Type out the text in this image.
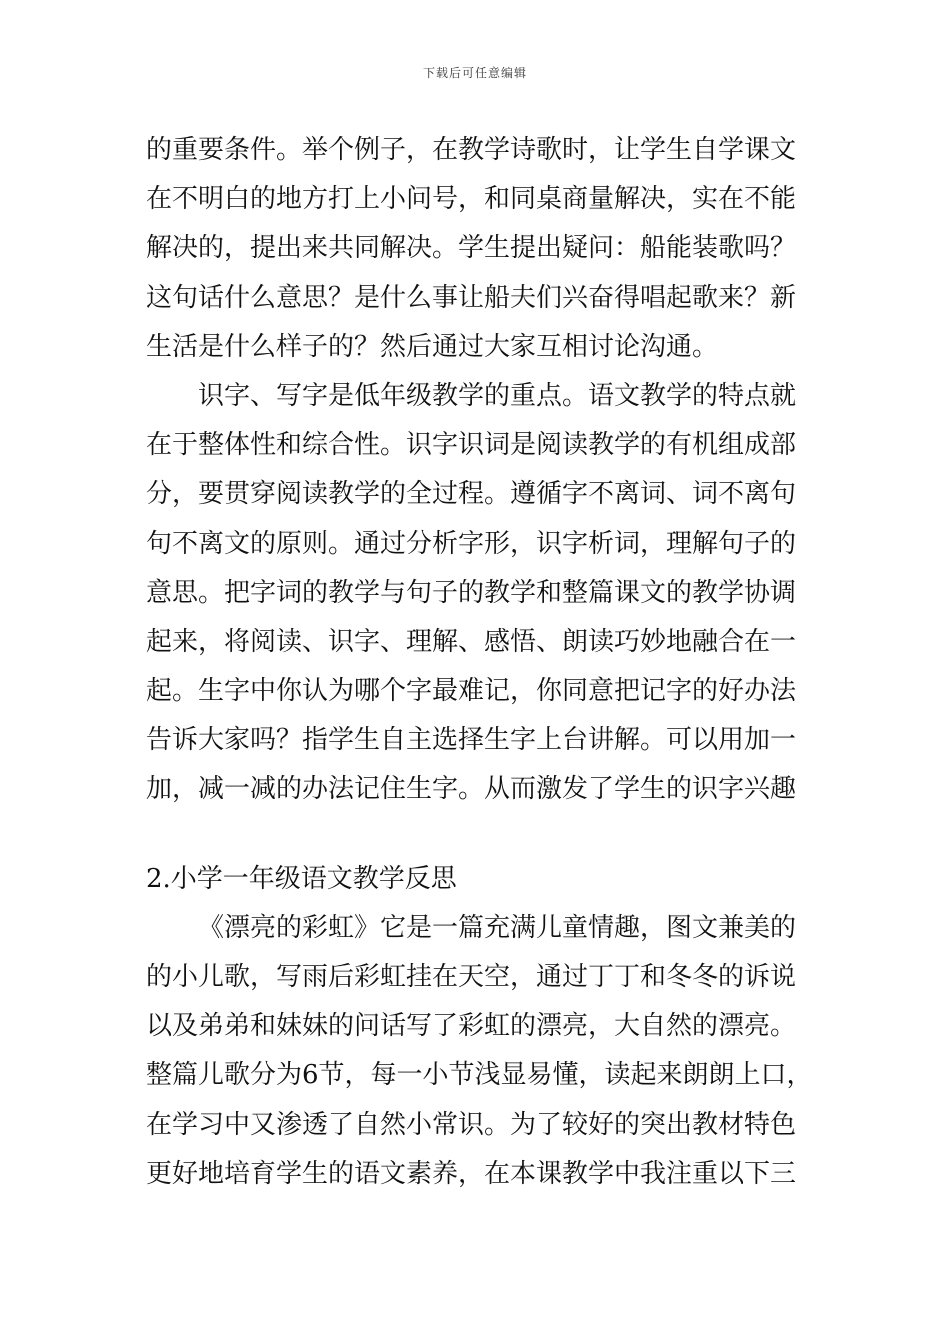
下载后可任意编辑
的重要条件。举个例子，在教学诗歌时，让学生自学课文
在不明白的地方打上小问号，和同桌商量解决，实在不能
解决的，提出来共同解决。学生提出疑问：船能装歌吗？
这句话什么意思？是什么事让船夫们兴奋得唱起歌来？新
生活是什么样子的？然后通过大家互相讨论沟通。
识字、写字是低年级教学的重点。语文教学的特点就
在于整体性和综合性。识字识词是阅读教学的有机组成部
分，要贯穿阅读教学的全过程。遵循字不离词、词不离句
句不离文的原则。通过分析字形，识字析词，理解句子的
意思。把字词的教学与句子的教学和整篇课文的教学协调
起来，将阅读、识字、理解、感悟、朗读巧妙地融合在一
起。生字中你认为哪个字最难记，你同意把记字的好办法
告诉大家吗？指学生自主选择生字上台讲解。可以用加一
加，减一减的办法记住生字。从而激发了学生的识字兴趣
2.小学一年级语文教学反思
《漂亮的彩虹》它是一篇充满儿童情趣，图文兼美的
的小儿歌，写雨后彩虹挂在天空，通过丁丁和冬冬的诉说
以及弟弟和妹妹的问话写了彩虹的漂亮，大自然的漂亮。
整篇儿歌分为6节，每一小节浅显易懂，读起来朗朗上口，
在学习中又渗透了自然小常识。为了较好的突出教材特色
更好地培育学生的语文素养，在本课教学中我注重以下三
